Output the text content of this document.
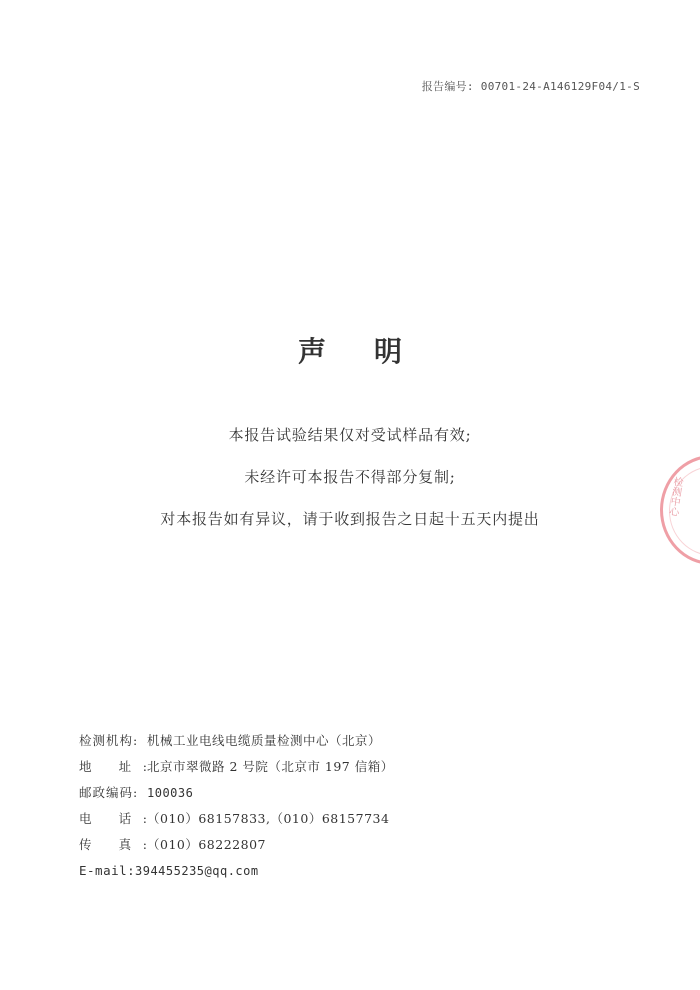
报告编号: 00701-24-A146129F04/1-S
声明
本报告试验结果仅对受试样品有效;
未经许可本报告不得部分复制;
对本报告如有异议，请于收到报告之日起十五天内提出
检测机构: 机械工业电线电缆质量检测中心（北京）
地 址:北京市翠微路 2 号院（北京市 197 信箱）
邮政编码: 100036
电 话:（010）68157833,（010）68157734
传 真:（010）68222807
E-mail:394455235@qq.com
检测中心
